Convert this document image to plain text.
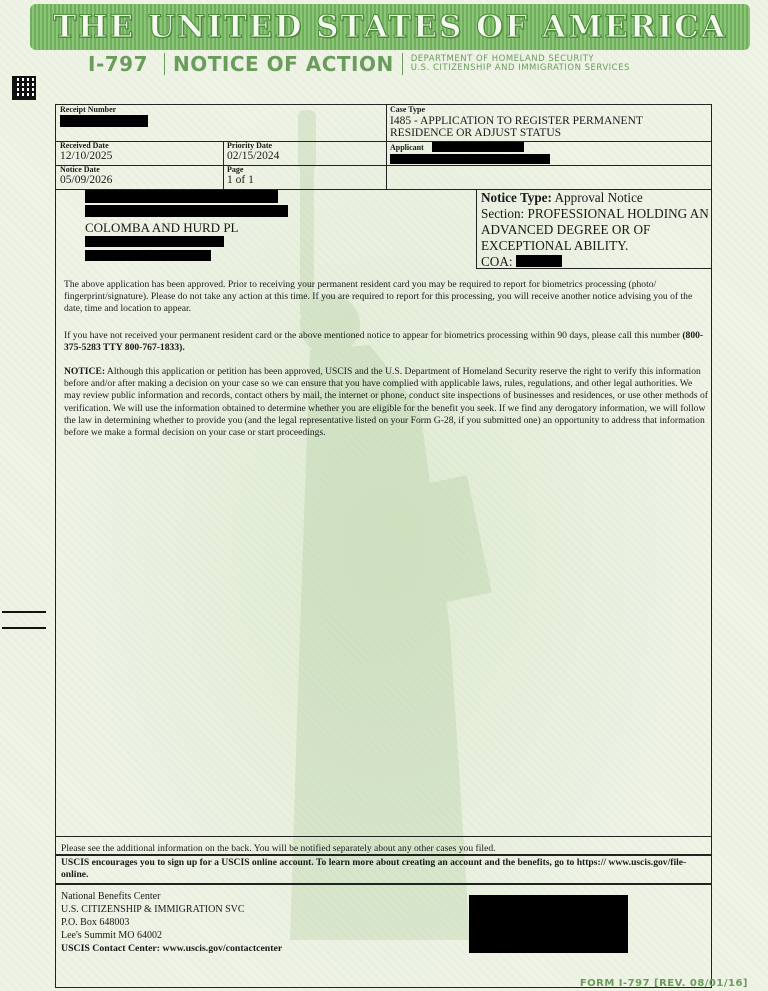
THE UNITED STATES OF AMERICA
I-797 NOTICE OF ACTION DEPARTMENT OF HOMELAND SECURITY
U.S. CITIZENSHIP AND IMMIGRATION SERVICES
Receipt Number	Case Type
I485 - APPLICATION TO REGISTER PERMANENT RESIDENCE OR ADJUST STATUS
Received Date
12/10/2025
Priority Date
02/15/2024
Applicant
Notice Date
05/09/2026
Page
1 of 1
COLOMBA AND HURD PL
Notice Type: Approval Notice
Section: PROFESSIONAL HOLDING AN ADVANCED DEGREE OR OF EXCEPTIONAL ABILITY.
COA:
The above application has been approved. Prior to receiving your permanent resident card you may be required to report for biometrics processing (photo/ fingerprint/signature). Please do not take any action at this time. If you are required to report for this processing, you will receive another notice advising you of the date, time and location to appear.
If you have not received your permanent resident card or the above mentioned notice to appear for biometrics processing within 90 days, please call this number (800-375-5283 TTY 800-767-1833).
NOTICE: Although this application or petition has been approved, USCIS and the U.S. Department of Homeland Security reserve the right to verify this information before and/or after making a decision on your case so we can ensure that you have complied with applicable laws, rules, regulations, and other legal authorities. We may review public information and records, contact others by mail, the internet or phone, conduct site inspections of businesses and residences, or use other methods of verification. We will use the information obtained to determine whether you are eligible for the benefit you seek. If we find any derogatory information, we will follow the law in determining whether to provide you (and the legal representative listed on your Form G-28, if you submitted one) an opportunity to address that information before we make a formal decision on your case or start proceedings.
Please see the additional information on the back. You will be notified separately about any other cases you filed.
USCIS encourages you to sign up for a USCIS online account. To learn more about creating an account and the benefits, go to https:// www.uscis.gov/file-online.
National Benefits Center
U.S. CITIZENSHIP & IMMIGRATION SVC
P.O. Box 648003
Lee's Summit MO 64002
USCIS Contact Center: www.uscis.gov/contactcenter
FORM I-797 [REV. 08/01/16]
